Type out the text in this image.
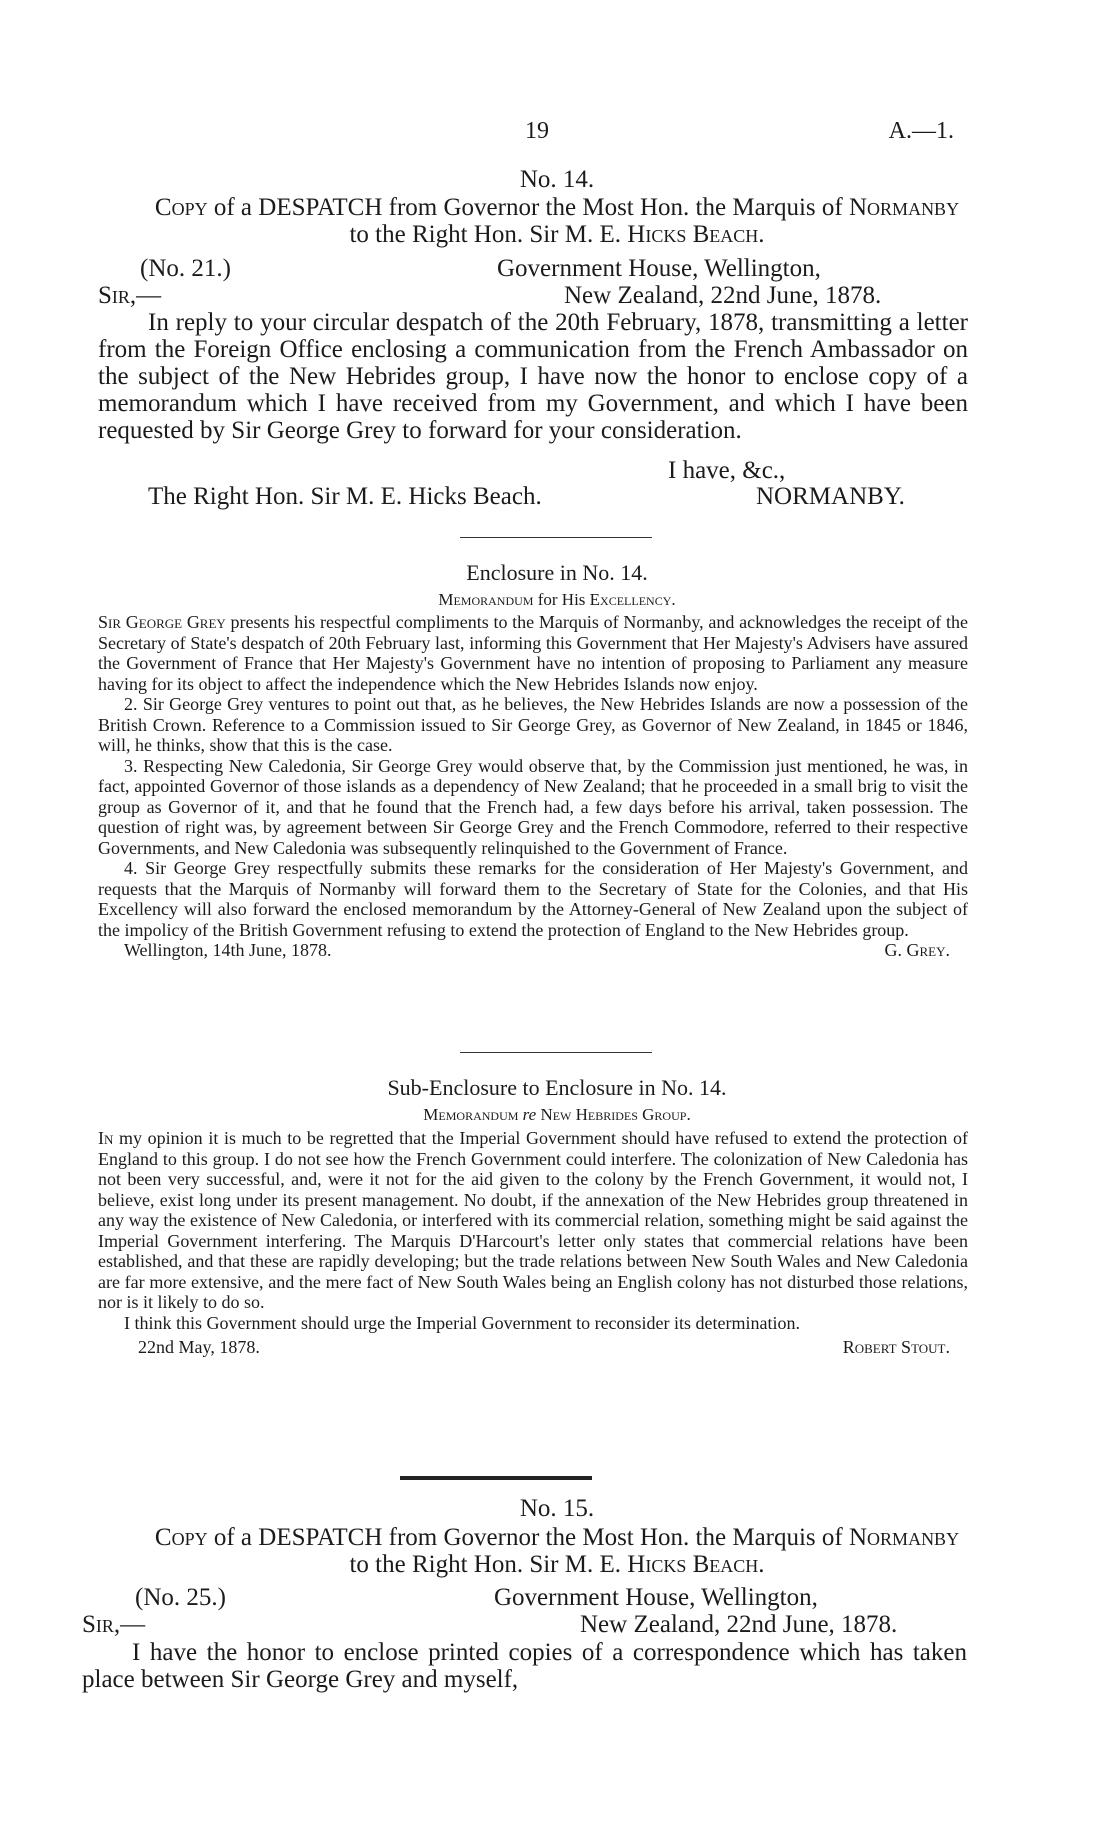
19	A.—1.
No. 14.
Copy of a DESPATCH from Governor the Most Hon. the Marquis of Normanby
to the Right Hon. Sir M. E. Hicks Beach.
(No. 21.)	Government House, Wellington,
Sir,—	New Zealand, 22nd June, 1878.
In reply to your circular despatch of the 20th February, 1878, transmitting a letter from the Foreign Office enclosing a communication from the French Ambassador on the subject of the New Hebrides group, I have now the honor to enclose copy of a memorandum which I have received from my Government, and which I have been requested by Sir George Grey to forward for your consideration.
I have, &c.,
The Right Hon. Sir M. E. Hicks Beach.	NORMANBY.
Enclosure in No. 14.
Memorandum for His Excellency.

Sir George Grey presents his respectful compliments to the Marquis of Normanby, and acknowledges the receipt of the Secretary of State's despatch of 20th February last, informing this Government that Her Majesty's Advisers have assured the Government of France that Her Majesty's Government have no intention of proposing to Parliament any measure having for its object to affect the independence which the New Hebrides Islands now enjoy.

2. Sir George Grey ventures to point out that, as he believes, the New Hebrides Islands are now a possession of the British Crown. Reference to a Commission issued to Sir George Grey, as Governor of New Zealand, in 1845 or 1846, will, he thinks, show that this is the case.

3. Respecting New Caledonia, Sir George Grey would observe that, by the Commission just mentioned, he was, in fact, appointed Governor of those islands as a dependency of New Zealand; that he proceeded in a small brig to visit the group as Governor of it, and that he found that the French had, a few days before his arrival, taken possession. The question of right was, by agreement between Sir George Grey and the French Commodore, referred to their respective Governments, and New Caledonia was subsequently relinquished to the Government of France.

4. Sir George Grey respectfully submits these remarks for the consideration of Her Majesty's Government, and requests that the Marquis of Normanby will forward them to the Secretary of State for the Colonies, and that His Excellency will also forward the enclosed memorandum by the Attorney-General of New Zealand upon the subject of the impolicy of the British Government refusing to extend the protection of England to the New Hebrides group.

Wellington, 14th June, 1878.	G. Grey.
Sub-Enclosure to Enclosure in No. 14.
Memorandum re New Hebrides Group.

In my opinion it is much to be regretted that the Imperial Government should have refused to extend the protection of England to this group. I do not see how the French Government could interfere. The colonization of New Caledonia has not been very successful, and, were it not for the aid given to the colony by the French Government, it would not, I believe, exist long under its present management. No doubt, if the annexation of the New Hebrides group threatened in any way the existence of New Caledonia, or interfered with its commercial relation, something might be said against the Imperial Government interfering. The Marquis D'Harcourt's letter only states that commercial relations have been established, and that these are rapidly developing; but the trade relations between New South Wales and New Caledonia are far more extensive, and the mere fact of New South Wales being an English colony has not disturbed those relations, nor is it likely to do so.

I think this Government should urge the Imperial Government to reconsider its determination.

22nd May, 1878.	Robert Stout.
No. 15.
Copy of a DESPATCH from Governor the Most Hon. the Marquis of Normanby
to the Right Hon. Sir M. E. Hicks Beach.
(No. 25.)	Government House, Wellington,
Sir,—	New Zealand, 22nd June, 1878.
I have the honor to enclose printed copies of a correspondence which has taken place between Sir George Grey and myself,
